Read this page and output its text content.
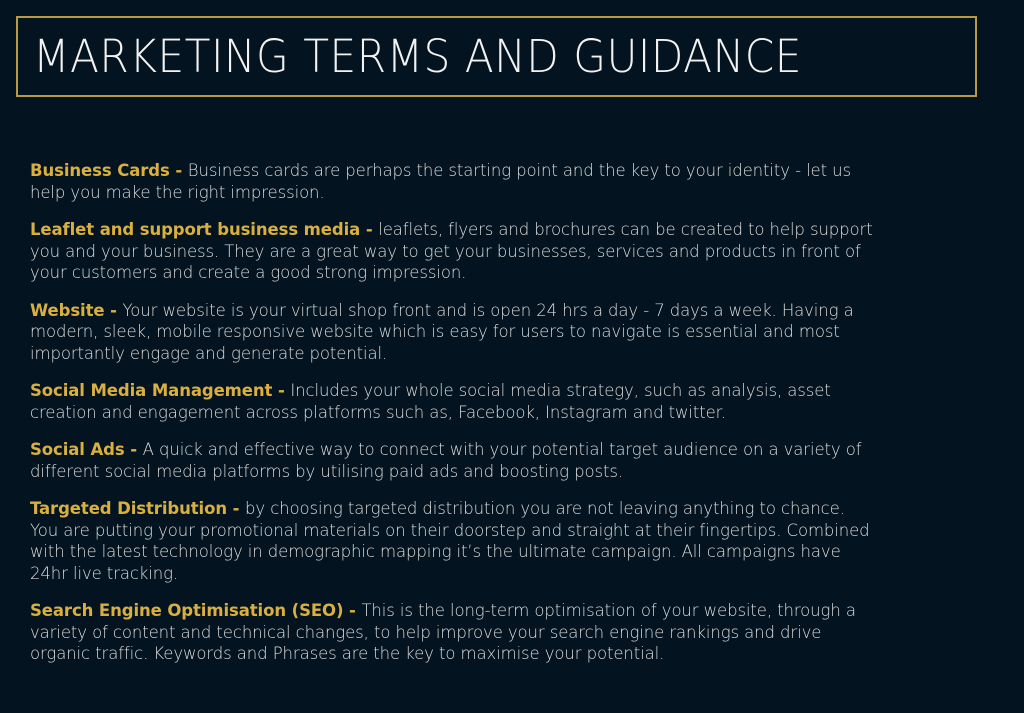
MARKETING TERMS AND GUIDANCE

Business Cards - Business cards are perhaps the starting point and the key to your identity - let us help you make the right impression.

Leaflet and support business media - leaflets, flyers and brochures can be created to help support you and your business. They are a great way to get your businesses, services and products in front of your customers and create a good strong impression.

Website - Your website is your virtual shop front and is open 24 hrs a day - 7 days a week. Having a modern, sleek, mobile responsive website which is easy for users to navigate is essential and most importantly engage and generate potential.

Social Media Management - Includes your whole social media strategy, such as analysis, asset creation and engagement across platforms such as, Facebook, Instagram and twitter.

Social Ads - A quick and effective way to connect with your potential target audience on a variety of different social media platforms by utilising paid ads and boosting posts.

Targeted Distribution - by choosing targeted distribution you are not leaving anything to chance. You are putting your promotional materials on their doorstep and straight at their fingertips. Combined with the latest technology in demographic mapping it’s the ultimate campaign. All campaigns have 24hr live tracking.

Search Engine Optimisation (SEO) - This is the long-term optimisation of your website, through a variety of content and technical changes, to help improve your search engine rankings and drive organic traffic. Keywords and Phrases are the key to maximise your potential.
